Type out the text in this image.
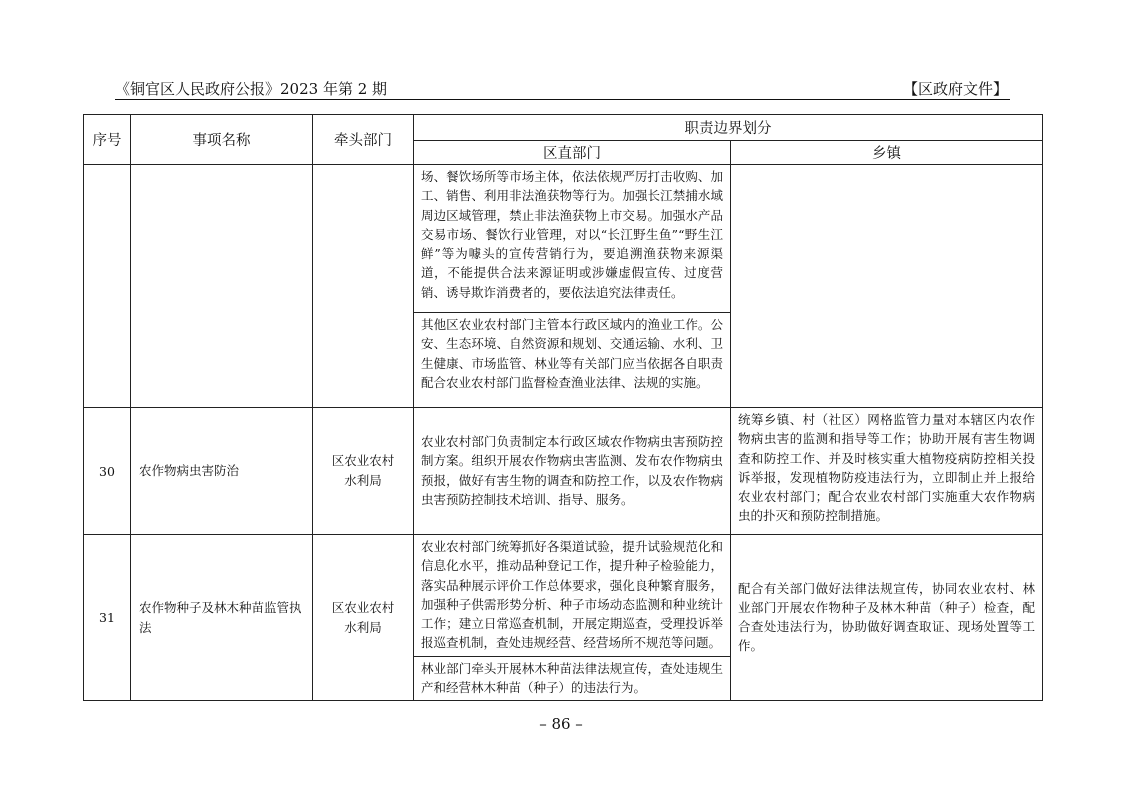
《铜官区人民政府公报》2023 年第 2 期	【区政府文件】
序号	事项名称	牵头部门	职责边界划分	
			区直部门	乡镇
			场、餐饮场所等市场主体，依法依规严厉打击收购、加工、销售、利用非法渔获物等行为。加强长江禁捕水域周边区域管理，禁止非法渔获物上市交易。加强水产品交易市场、餐饮行业管理，对以“长江野生鱼”“野生江鲜”等为噱头的宣传营销行为，要追溯渔获物来源渠道，不能提供合法来源证明或涉嫌虚假宣传、过度营销、诱导欺诈消费者的，要依法追究法律责任。	
			其他区农业农村部门主管本行政区域内的渔业工作。公安、生态环境、自然资源和规划、交通运输、水利、卫生健康、市场监管、林业等有关部门应当依据各自职责配合农业农村部门监督检查渔业法律、法规的实施。	
30	农作物病虫害防治	区农业农村水利局	农业农村部门负责制定本行政区域农作物病虫害预防控制方案。组织开展农作物病虫害监测、发布农作物病虫预报，做好有害生物的调查和防控工作，以及农作物病虫害预防控制技术培训、指导、服务。	统筹乡镇、村（社区）网格监管力量对本辖区内农作物病虫害的监测和指导等工作；协助开展有害生物调查和防控工作、并及时核实重大植物疫病防控相关投诉举报，发现植物防疫违法行为，立即制止并上报给农业农村部门；配合农业农村部门实施重大农作物病虫的扑灭和预防控制措施。
31	农作物种子及林木种苗监管执法	区农业农村水利局	农业农村部门统筹抓好各渠道试验，提升试验规范化和信息化水平，推动品种登记工作，提升种子检验能力，落实品种展示评价工作总体要求，强化良种繁育服务，加强种子供需形势分析、种子市场动态监测和种业统计工作；建立日常巡查机制，开展定期巡查，受理投诉举报巡查机制，查处违规经营、经营场所不规范等问题。	配合有关部门做好法律法规宣传，协同农业农村、林业部门开展农作物种子及林木种苗（种子）检查，配合查处违法行为，协助做好调查取证、现场处置等工作。
			林业部门牵头开展林木种苗法律法规宣传，查处违规生产和经营林木种苗（种子）的违法行为。	
– 86 –
